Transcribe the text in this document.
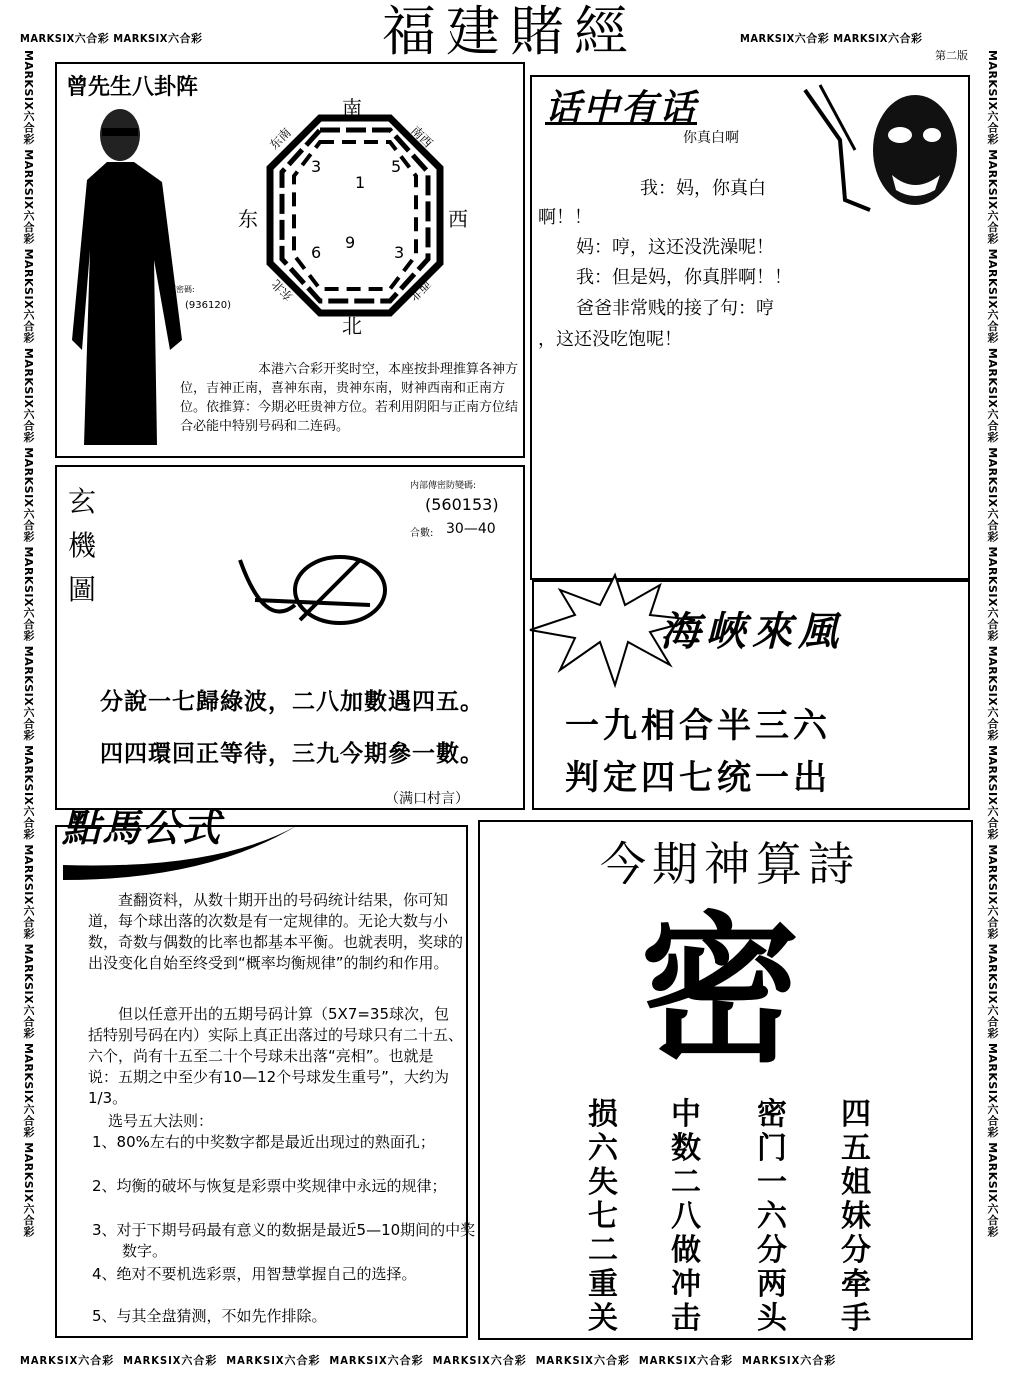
MARKSIX六合彩 MARKSIX六合彩	MARKSIX六合彩 MARKSIX六合彩
MARKSIX六合彩 MARKSIX六合彩 MARKSIX六合彩 MARKSIX六合彩 MARKSIX六合彩 MARKSIX六合彩 MARKSIX六合彩 MARKSIX六合彩
MARKSIX六合彩 MARKSIX六合彩 MARKSIX六合彩 MARKSIX六合彩 MARKSIX六合彩 MARKSIX六合彩 MARKSIX六合彩 MARKSIX六合彩 MARKSIX六合彩 MARKSIX六合彩 MARKSIX六合彩 MARKSIX六合彩
MARKSIX六合彩 MARKSIX六合彩 MARKSIX六合彩 MARKSIX六合彩 MARKSIX六合彩 MARKSIX六合彩 MARKSIX六合彩 MARKSIX六合彩 MARKSIX六合彩 MARKSIX六合彩 MARKSIX六合彩 MARKSIX六合彩
福建賭經	第二版
曾先生八卦阵
内部密碼:
(936120)
南
北
东	西
东南	南西
东北	西北
3
1
5
6
9
3
本港六合彩开奖时空，本座按卦理推算各神方位，吉神正南，喜神东南，贵神东南，财神西南和正南方位。依推算：今期必旺贵神方位。若利用阴阳与正南方位结合必能中特别号码和二连码。
话中有话
你真白啊
我：妈，你真白
啊！！
妈：哼，这还没洗澡呢！
我：但是妈，你真胖啊！！
爸爸非常贱的接了句：哼
，这还没吃饱呢！
玄
機
圖
内部傳密防變碼:
(560153)
合數: 30—40
分說一七歸綠波，二八加數遇四五。
四四環回正等待，三九今期參一數。
（满口村言）
海峽來風
一九相合半三六
判定四七统一出
點馬公式
查翻资料，从数十期开出的号码统计结果，你可知道，每个球出落的次数是有一定规律的。无论大数与小数，奇数与偶数的比率也都基本平衡。也就表明，奖球的出没变化自始至终受到“概率均衡规律”的制约和作用。
但以任意开出的五期号码计算（5X7=35球次，包括特别号码在内）实际上真正出落过的号球只有二十五、六个，尚有十五至二十个号球未出落“亮相”。也就是说：五期之中至少有10—12个号球发生重号”，大约为1/3。
选号五大法则：
1、80%左右的中奖数字都是最近出现过的熟面孔；
2、均衡的破坏与恢复是彩票中奖规律中永远的规律；
3、对于下期号码最有意义的数据是最近5—10期间的中奖数字。
4、绝对不要机选彩票，用智慧掌握自己的选择。
5、与其全盘猜测，不如先作排除。
今期神算詩
密
四五姐妹分牵手
密门一六分两头
中数二八做冲击
损六失七二重关
